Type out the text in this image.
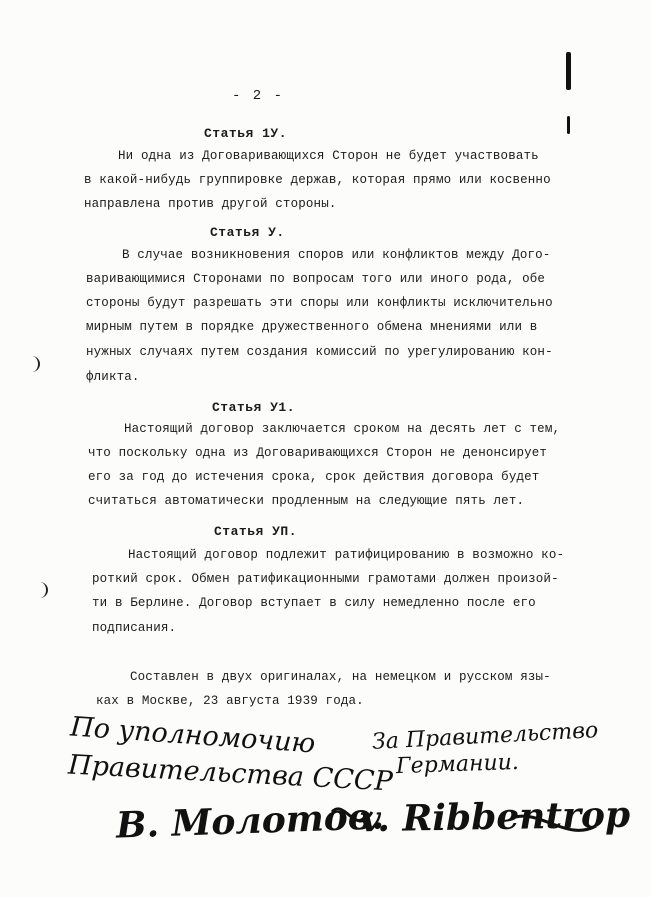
- 2 -
Статья 1У.
Ни одна из Договаривающихся Сторон не будет участвовать
в какой-нибудь группировке держав, которая прямо или косвенно
направлена против другой стороны.
Статья У.
В случае возникновения споров или конфликтов между Дого-
варивающимися Сторонами по вопросам того или иного рода, обе
стороны будут разрешать эти споры или конфликты исключительно
мирным путем в порядке дружественного обмена мнениями или в
нужных случаях путем создания комиссий по урегулированию кон-
фликта.
Статья У1.
Настоящий договор заключается сроком на десять лет с тем,
что поскольку одна из Договаривающихся Сторон не денонсирует
его за год до истечения срока, срок действия договора будет
считаться автоматически продленным на следующие пять лет.
Статья УП.
Настоящий договор подлежит ратифицированию в возможно ко-
роткий срок. Обмен ратификационными грамотами должен произой-
ти в Берлине. Договор вступает в силу немедленно после его
подписания.
Составлен в двух оригиналах, на немецком и русском язы-
ках в Москве, 23 августа 1939 года.
По уполномочию
Правительства СССР
За Правительство
Германии.
В. Молотов.
v. Ribbentrop
